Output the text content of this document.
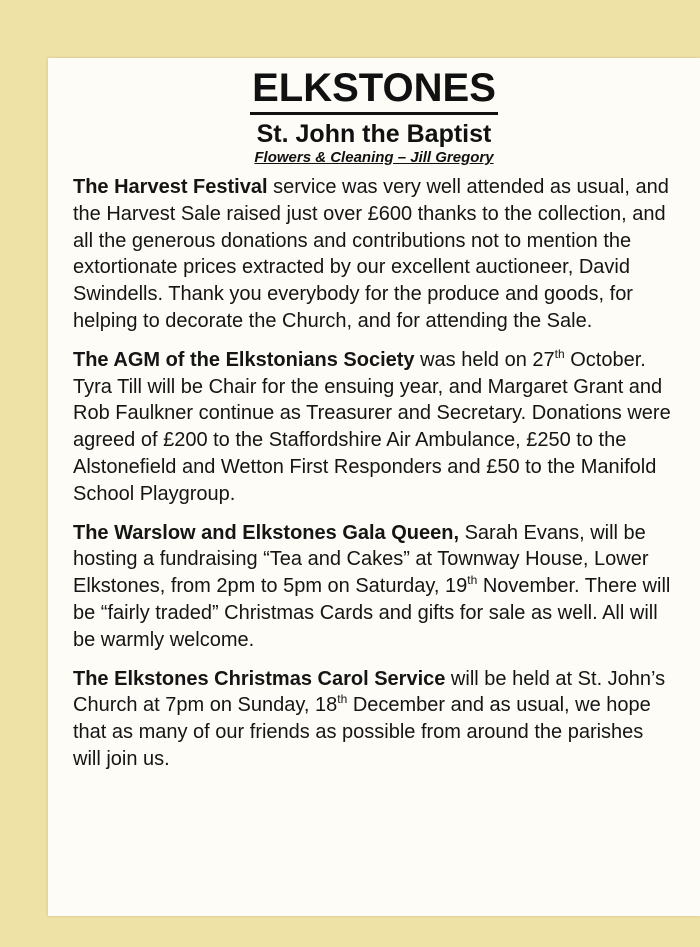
ELKSTONES
St. John the Baptist
Flowers & Cleaning – Jill Gregory

The Harvest Festival service was very well attended as usual, and the Harvest Sale raised just over £600 thanks to the collection, and all the generous donations and contributions not to mention the extortionate prices extracted by our excellent auctioneer, David Swindells. Thank you everybody for the produce and goods, for helping to decorate the Church, and for attending the Sale.

The AGM of the Elkstonians Society was held on 27th October. Tyra Till will be Chair for the ensuing year, and Margaret Grant and Rob Faulkner continue as Treasurer and Secretary. Donations were agreed of £200 to the Staffordshire Air Ambulance, £250 to the Alstonefield and Wetton First Responders and £50 to the Manifold School Playgroup.

The Warslow and Elkstones Gala Queen, Sarah Evans, will be hosting a fundraising “Tea and Cakes” at Townway House, Lower Elkstones, from 2pm to 5pm on Saturday, 19th November. There will be “fairly traded” Christmas Cards and gifts for sale as well. All will be warmly welcome.

The Elkstones Christmas Carol Service will be held at St. John’s Church at 7pm on Sunday, 18th December and as usual, we hope that as many of our friends as possible from around the parishes will join us.
